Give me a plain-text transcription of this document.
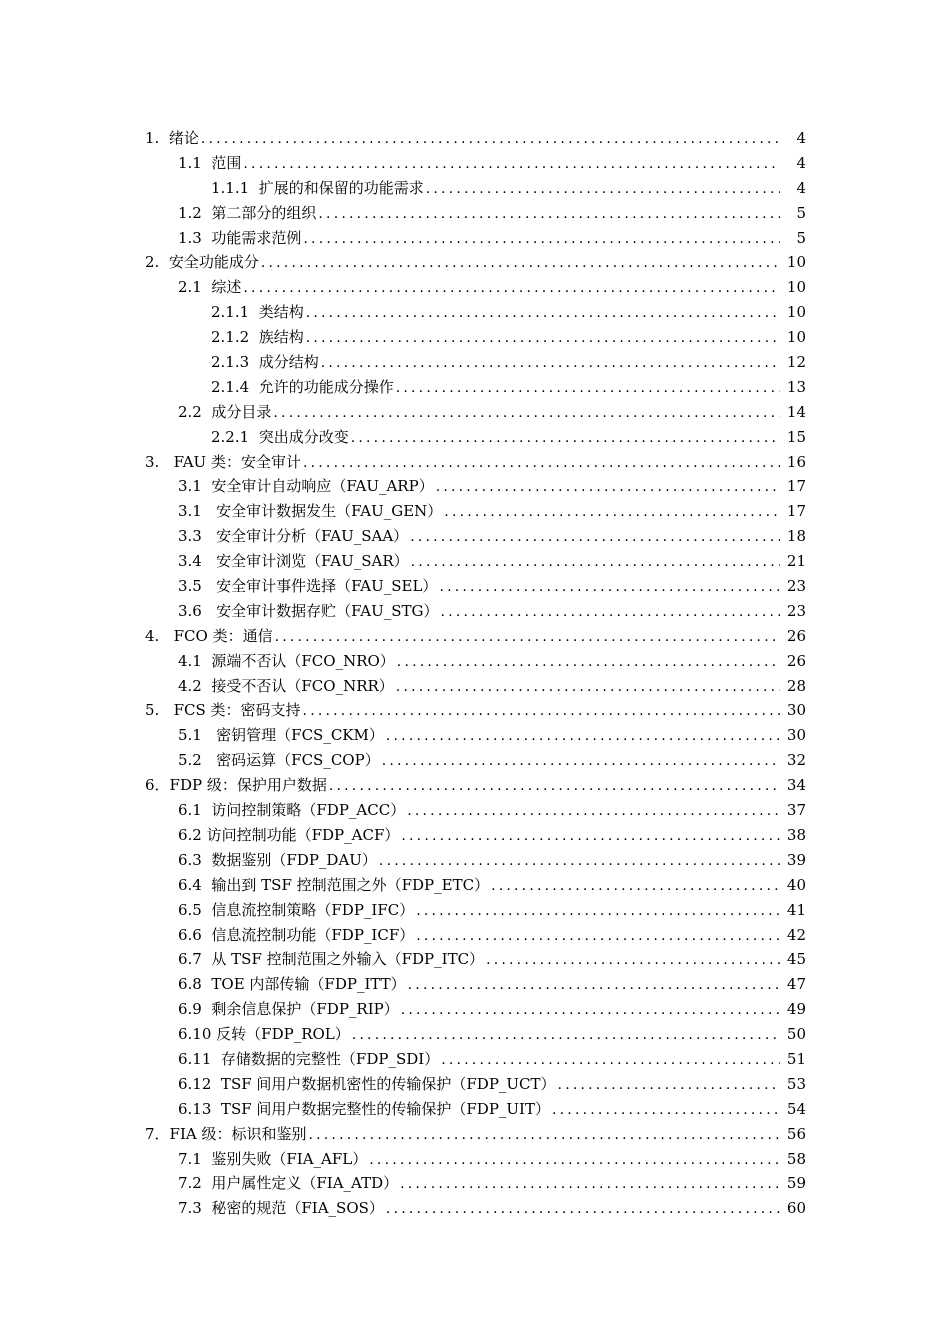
1.  绪论 .....	4
1.1  范围 .....	4
1.1.1  扩展的和保留的功能需求 .....	4
1.2  第二部分的组织 .....	5
1.3  功能需求范例 .....	5
2.  安全功能成分 .....	10
2.1  综述 .....	10
2.1.1  类结构 .....	10
2.1.2  族结构 .....	10
2.1.3  成分结构 .....	12
2.1.4  允许的功能成分操作 .....	13
2.2  成分目录 .....	14
2.2.1  突出成分改变 .....	15
3.   FAU 类：安全审计 .....	16
3.1  安全审计自动响应（FAU_ARP） .....	17
3.1   安全审计数据发生（FAU_GEN） .....	17
3.3   安全审计分析（FAU_SAA） .....	18
3.4   安全审计浏览（FAU_SAR） .....	21
3.5   安全审计事件选择（FAU_SEL） .....	23
3.6   安全审计数据存贮（FAU_STG） .....	23
4.   FCO 类：通信 .....	26
4.1  源端不否认（FCO_NRO） .....	26
4.2  接受不否认（FCO_NRR） .....	28
5.   FCS 类：密码支持 .....	30
5.1   密钥管理（FCS_CKM） .....	30
5.2   密码运算（FCS_COP） .....	32
6．FDP 级：保护用户数据 .....	34
6.1  访问控制策略（FDP_ACC） .....	37
6.2 访问控制功能（FDP_ACF） .....	38
6.3  数据鉴别（FDP_DAU） .....	39
6.4  输出到 TSF 控制范围之外（FDP_ETC） .....	40
6.5  信息流控制策略（FDP_IFC） .....	41
6.6  信息流控制功能（FDP_ICF） .....	42
6.7  从 TSF 控制范围之外输入（FDP_ITC） .....	45
6.8  TOE 内部传输（FDP_ITT） .....	47
6.9  剩余信息保护（FDP_RIP） .....	49
6.10 反转（FDP_ROL） .....	50
6.11  存储数据的完整性（FDP_SDI） .....	51
6.12  TSF 间用户数据机密性的传输保护（FDP_UCT） .....	53
6.13  TSF 间用户数据完整性的传输保护（FDP_UIT） .....	54
7．FIA 级：标识和鉴别 .....	56
7.1  鉴别失败（FIA_AFL） .....	58
7.2  用户属性定义（FIA_ATD） .....	59
7.3  秘密的规范（FIA_SOS） .....	60
